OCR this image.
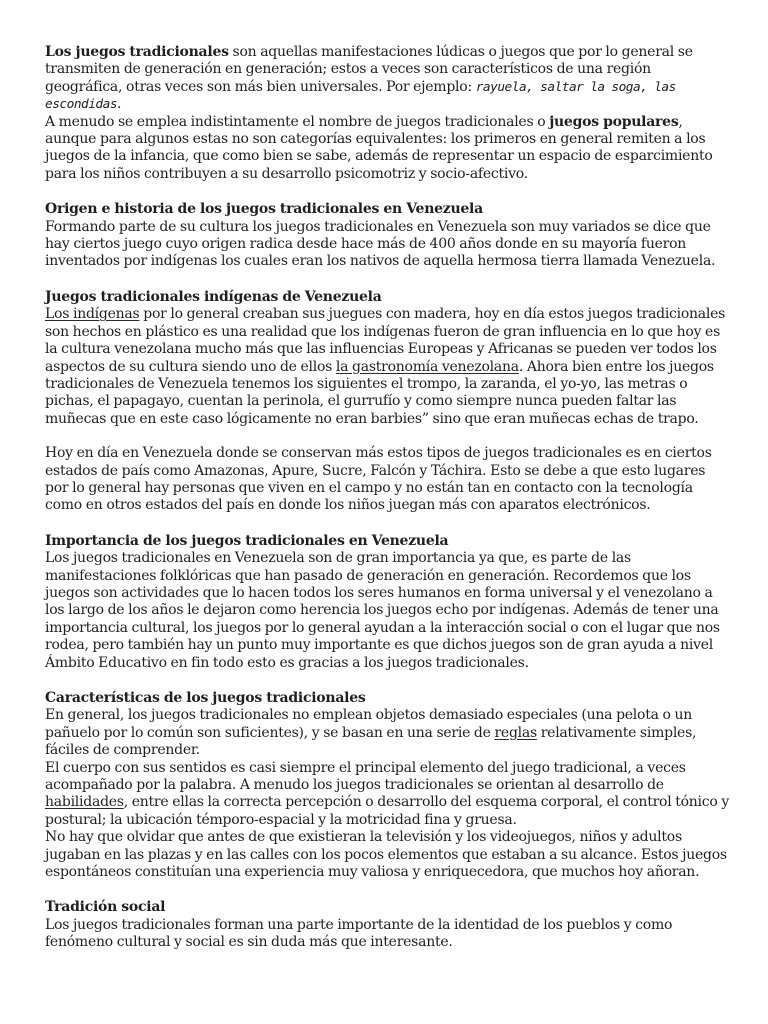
Los juegos tradicionales son aquellas manifestaciones lúdicas o juegos que por lo general se transmiten de generación en generación; estos a veces son característicos de una región geográfica, otras veces son más bien universales. Por ejemplo: rayuela, saltar la soga, las escondidas.

A menudo se emplea indistintamente el nombre de juegos tradicionales o juegos populares, aunque para algunos estas no son categorías equivalentes: los primeros en general remiten a los juegos de la infancia, que como bien se sabe, además de representar un espacio de esparcimiento para los niños contribuyen a su desarrollo psicomotriz y socio-afectivo.

Origen e historia de los juegos tradicionales en Venezuela

Formando parte de su cultura los juegos tradicionales en Venezuela son muy variados se dice que hay ciertos juego cuyo origen radica desde hace más de 400 años donde en su mayoría fueron inventados por indígenas los cuales eran los nativos de aquella hermosa tierra llamada Venezuela.

Juegos tradicionales indígenas de Venezuela

Los indígenas por lo general creaban sus juegues con madera, hoy en día estos juegos tradicionales son hechos en plástico es una realidad que los indígenas fueron de gran influencia en lo que hoy es la cultura venezolana mucho más que las influencias Europeas y Africanas se pueden ver todos los aspectos de su cultura siendo uno de ellos la gastronomía venezolana. Ahora bien entre los juegos tradicionales de Venezuela tenemos los siguientes el trompo, la zaranda, el yo-yo, las metras o pichas, el papagayo, cuentan la perinola, el gurrufío y como siempre nunca pueden faltar las muñecas que en este caso lógicamente no eran barbies” sino que eran muñecas echas de trapo.

Hoy en día en Venezuela donde se conservan más estos tipos de juegos tradicionales es en ciertos estados de país como Amazonas, Apure, Sucre, Falcón y Táchira. Esto se debe a que esto lugares por lo general hay personas que viven en el campo y no están tan en contacto con la tecnología como en otros estados del país en donde los niños juegan más con aparatos electrónicos.

Importancia de los juegos tradicionales en Venezuela

Los juegos tradicionales en Venezuela son de gran importancia ya que, es parte de las manifestaciones folklóricas que han pasado de generación en generación. Recordemos que los juegos son actividades que lo hacen todos los seres humanos en forma universal y el venezolano a los largo de los años le dejaron como herencia los juegos echo por indígenas. Además de tener una importancia cultural, los juegos por lo general ayudan a la interacción social o con el lugar que nos rodea, pero también hay un punto muy importante es que dichos juegos son de gran ayuda a nivel Ámbito Educativo en fin todo esto es gracias a los juegos tradicionales.

Características de los juegos tradicionales

En general, los juegos tradicionales no emplean objetos demasiado especiales (una pelota o un pañuelo por lo común son suficientes), y se basan en una serie de reglas relativamente simples, fáciles de comprender.

El cuerpo con sus sentidos es casi siempre el principal elemento del juego tradicional, a veces acompañado por la palabra. A menudo los juegos tradicionales se orientan al desarrollo de habilidades, entre ellas la correcta percepción o desarrollo del esquema corporal, el control tónico y postural; la ubicación témporo-espacial y la motricidad fina y gruesa.

No hay que olvidar que antes de que existieran la televisión y los videojuegos, niños y adultos jugaban en las plazas y en las calles con los pocos elementos que estaban a su alcance. Estos juegos espontáneos constituían una experiencia muy valiosa y enriquecedora, que muchos hoy añoran.

Tradición social

Los juegos tradicionales forman una parte importante de la identidad de los pueblos y como fenómeno cultural y social es sin duda más que interesante.
